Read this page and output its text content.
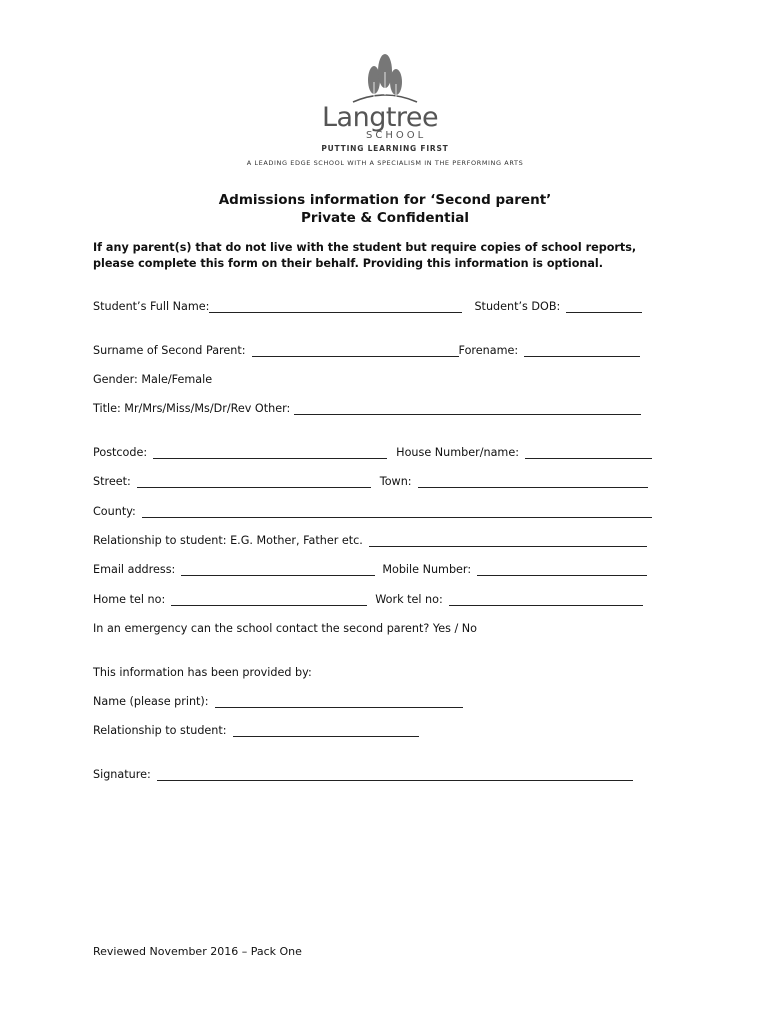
Langtree
SCHOOL
PUTTING LEARNING FIRST
A LEADING EDGE SCHOOL WITH A SPECIALISM IN THE PERFORMING ARTS
Admissions information for ‘Second parent’
Private & Confidential
If any parent(s) that do not live with the student but require copies of school reports,
please complete this form on their behalf. Providing this information is optional.
Student’s Full Name:	Student’s DOB:
Surname of Second Parent:	Forename:
Gender: Male/Female
Title: Mr/Mrs/Miss/Ms/Dr/Rev Other:
Postcode:	House Number/name:
Street:	Town:
County:
Relationship to student: E.G. Mother, Father etc.
Email address:	Mobile Number:
Home tel no:	Work tel no:
In an emergency can the school contact the second parent? Yes / No
This information has been provided by:
Name (please print):
Relationship to student:
Signature:
Reviewed November 2016 – Pack One
